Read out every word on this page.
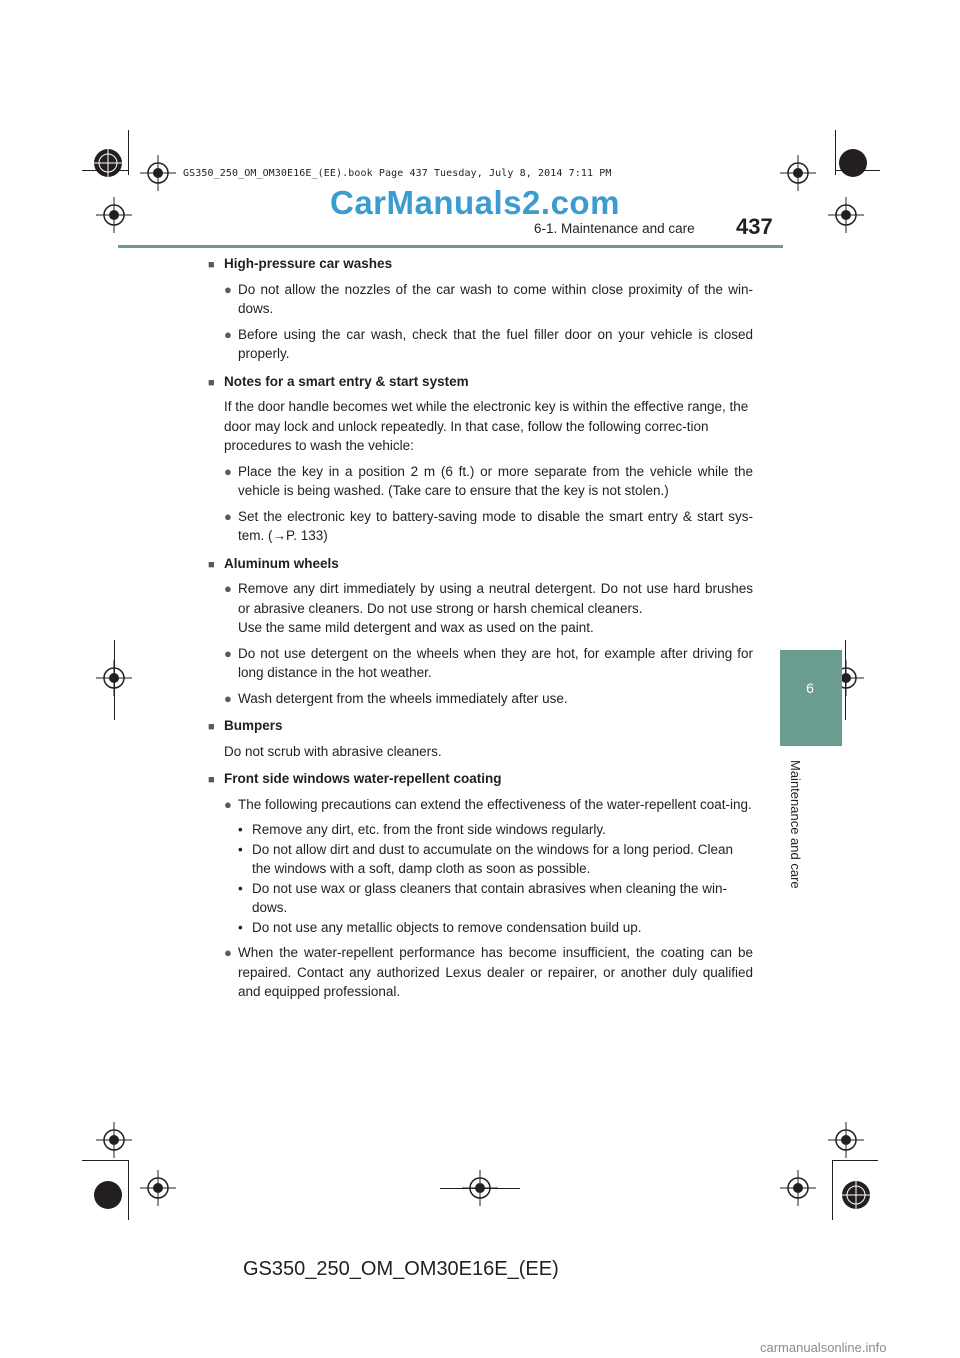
GS350_250_OM_OM30E16E_(EE).book Page 437 Tuesday, July 8, 2014 7:11 PM
CarManuals2.com
6-1. Maintenance and care 437
6
Maintenance and care
■ High-pressure car washes
● Do not allow the nozzles of the car wash to come within close proximity of the win-dows.
● Before using the car wash, check that the fuel filler door on your vehicle is closed properly.
■ Notes for a smart entry & start system
If the door handle becomes wet while the electronic key is within the effective range, the door may lock and unlock repeatedly. In that case, follow the following correc-tion procedures to wash the vehicle:
● Place the key in a position 2 m (6 ft.) or more separate from the vehicle while the vehicle is being washed. (Take care to ensure that the key is not stolen.)
● Set the electronic key to battery-saving mode to disable the smart entry & start sys-tem. (→P. 133)
■ Aluminum wheels
● Remove any dirt immediately by using a neutral detergent. Do not use hard brushes or abrasive cleaners. Do not use strong or harsh chemical cleaners.
Use the same mild detergent and wax as used on the paint.
● Do not use detergent on the wheels when they are hot, for example after driving for long distance in the hot weather.
● Wash detergent from the wheels immediately after use.
■ Bumpers
Do not scrub with abrasive cleaners.
■ Front side windows water-repellent coating
● The following precautions can extend the effectiveness of the water-repellent coat-ing.
• Remove any dirt, etc. from the front side windows regularly.
• Do not allow dirt and dust to accumulate on the windows for a long period. Clean the windows with a soft, damp cloth as soon as possible.
• Do not use wax or glass cleaners that contain abrasives when cleaning the win-dows.
• Do not use any metallic objects to remove condensation build up.
● When the water-repellent performance has become insufficient, the coating can be repaired. Contact any authorized Lexus dealer or repairer, or another duly qualified and equipped professional.
GS350_250_OM_OM30E16E_(EE)
carmanualsonline.info
